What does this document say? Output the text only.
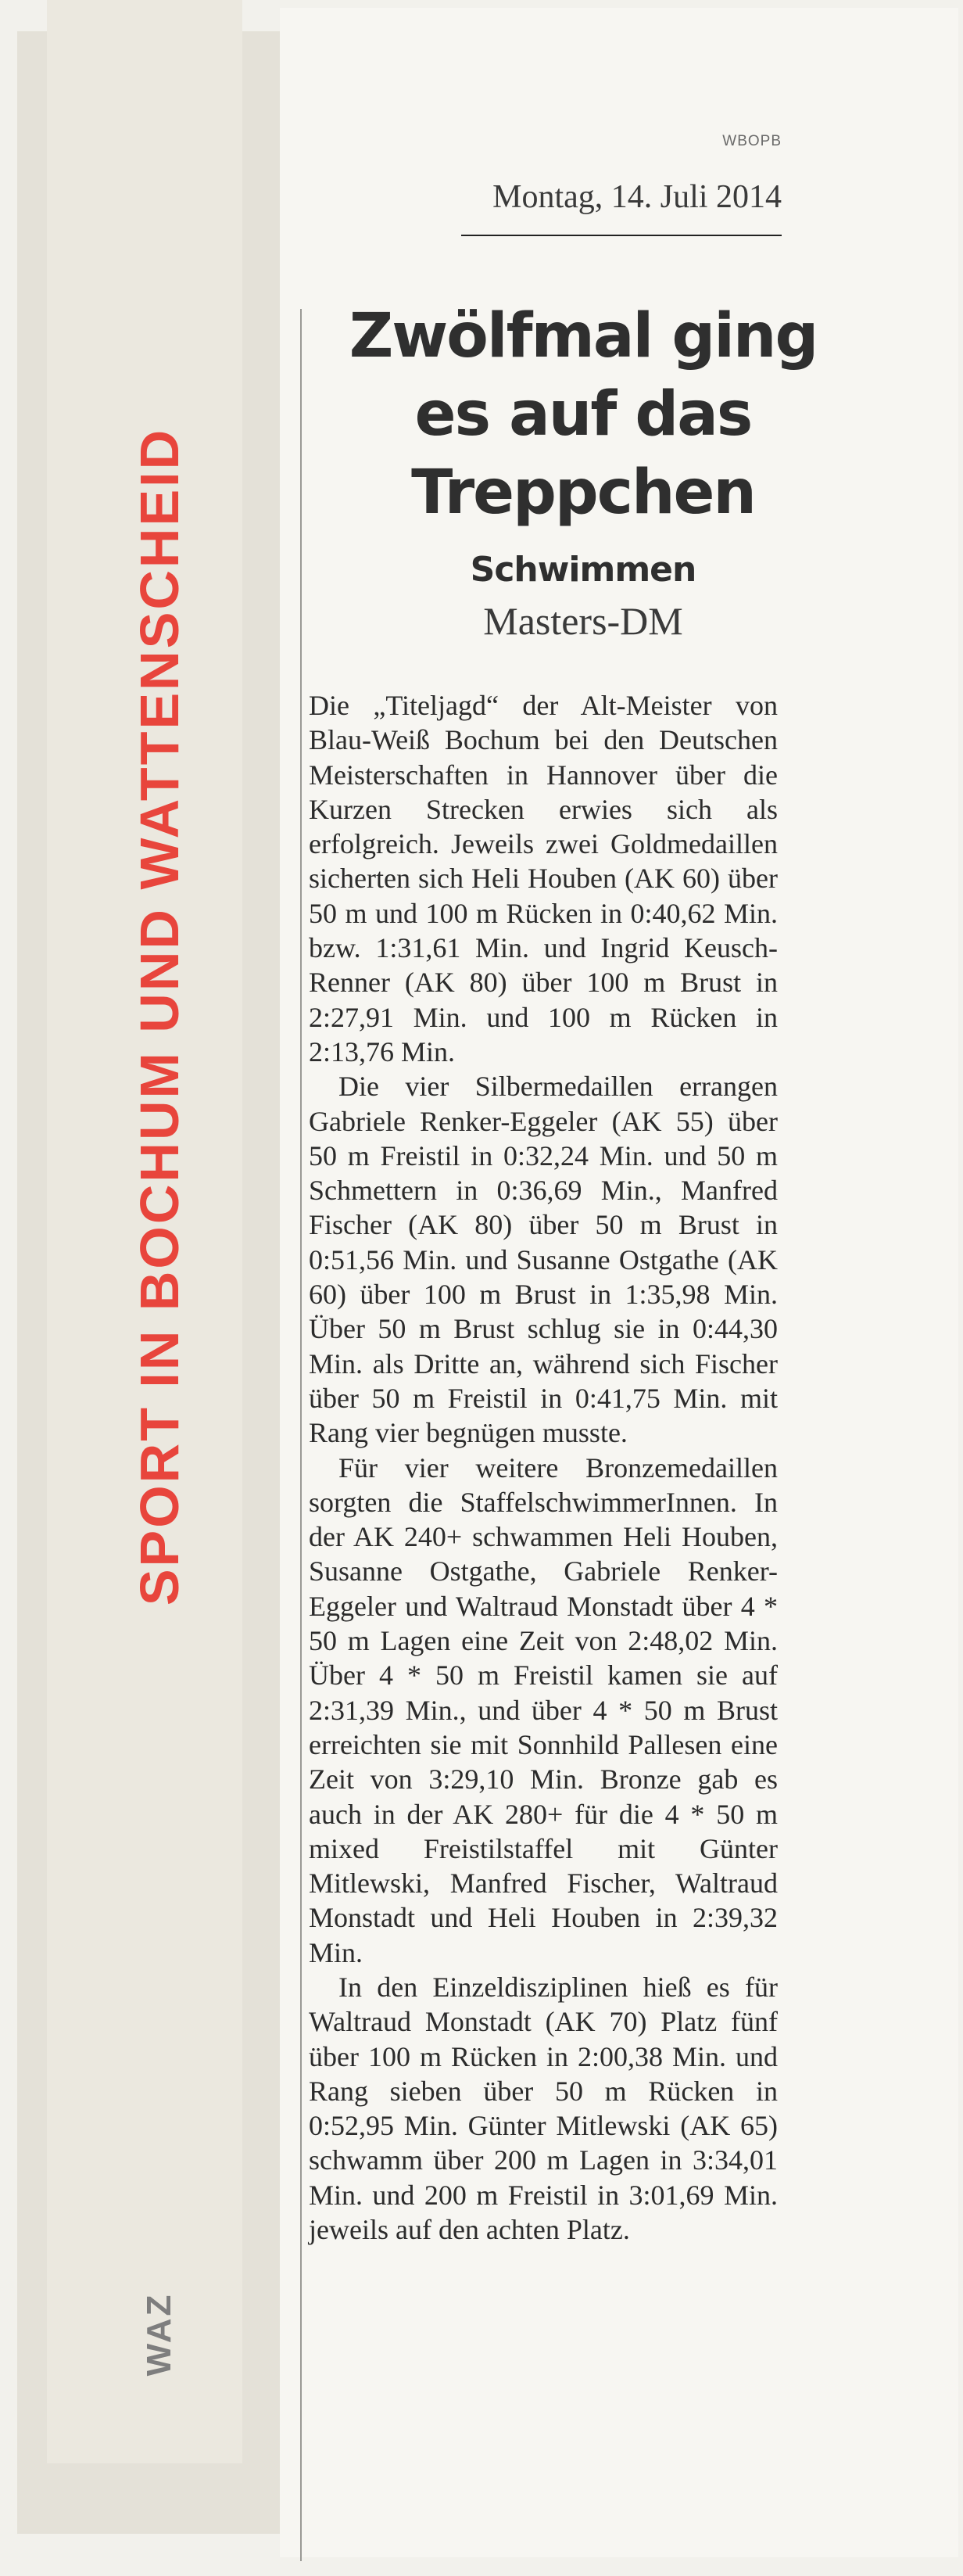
SPORT IN BOCHUM UND WATTENSCHEID
WAZ
WBOPB
Montag, 14. Juli 2014
Zwölfmal ging es auf das Treppchen
Schwimmen
Masters-DM

Die „Titeljagd“ der Alt-Meister von Blau-Weiß Bochum bei den Deutschen Meisterschaften in Hannover über die Kurzen Strecken erwies sich als erfolgreich. Jeweils zwei Goldmedaillen sicherten sich Heli Houben (AK 60) über 50 m und 100 m Rücken in 0:40,62 Min. bzw. 1:31,61 Min. und Ingrid Keusch-Renner (AK 80) über 100 m Brust in 2:27,91 Min. und 100 m Rücken in 2:13,76 Min.

Die vier Silbermedaillen errangen Gabriele Renker-Eggeler (AK 55) über 50 m Freistil in 0:32,24 Min. und 50 m Schmettern in 0:36,69 Min., Manfred Fischer (AK 80) über 50 m Brust in 0:51,56 Min. und Susanne Ostgathe (AK 60) über 100 m Brust in 1:35,98 Min. Über 50 m Brust schlug sie in 0:44,30 Min. als Dritte an, während sich Fischer über 50 m Freistil in 0:41,75 Min. mit Rang vier begnügen musste.

Für vier weitere Bronzemedaillen sorgten die StaffelschwimmerInnen. In der AK 240+ schwammen Heli Houben, Susanne Ostgathe, Gabriele Renker-Eggeler und Waltraud Monstadt über 4 * 50 m Lagen eine Zeit von 2:48,02 Min. Über 4 * 50 m Freistil kamen sie auf 2:31,39 Min., und über 4 * 50 m Brust erreichten sie mit Sonnhild Pallesen eine Zeit von 3:29,10 Min. Bronze gab es auch in der AK 280+ für die 4 * 50 m mixed Freistilstaffel mit Günter Mitlewski, Manfred Fischer, Waltraud Monstadt und Heli Houben in 2:39,32 Min.

In den Einzeldisziplinen hieß es für Waltraud Monstadt (AK 70) Platz fünf über 100 m Rücken in 2:00,38 Min. und Rang sieben über 50 m Rücken in 0:52,95 Min. Günter Mitlewski (AK 65) schwamm über 200 m Lagen in 3:34,01 Min. und 200 m Freistil in 3:01,69 Min. jeweils auf den achten Platz.
